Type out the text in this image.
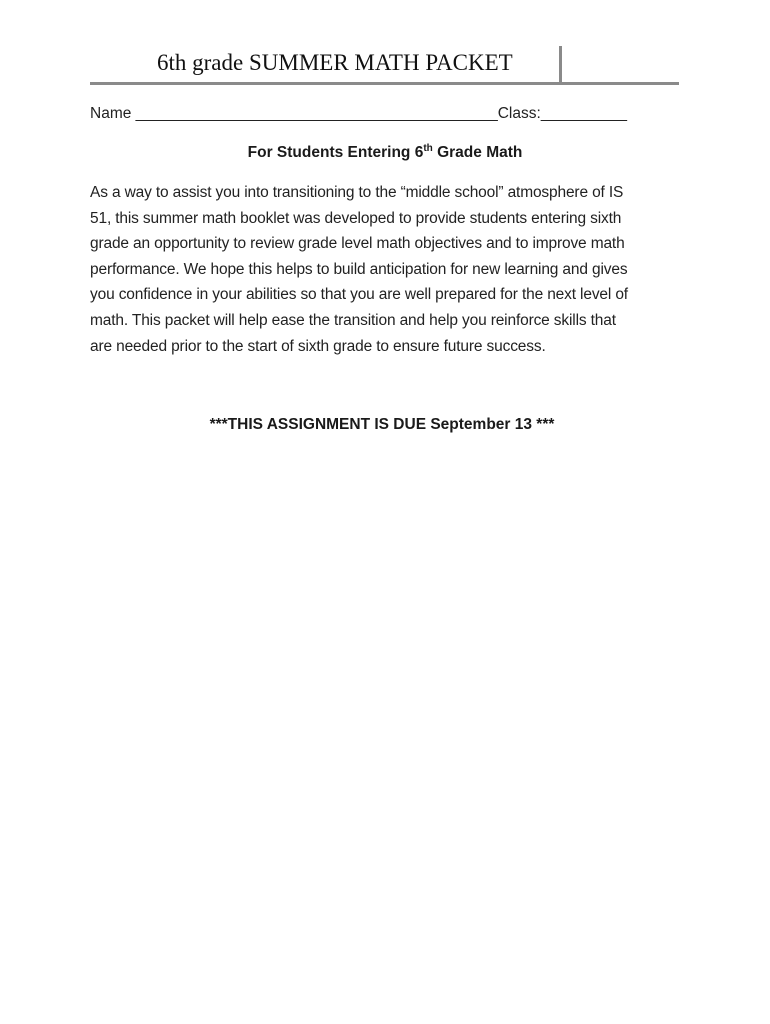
6th grade SUMMER MATH PACKET
Name __________________________________________Class:__________
For Students Entering 6th Grade Math

As a way to assist you into transitioning to the “middle school” atmosphere of IS
51, this summer math booklet was developed to provide students entering sixth
grade an opportunity to review grade level math objectives and to improve math
performance. We hope this helps to build anticipation for new learning and gives
you confidence in your abilities so that you are well prepared for the next level of
math. This packet will help ease the transition and help you reinforce skills that
are needed prior to the start of sixth grade to ensure future success.

***THIS ASSIGNMENT IS DUE September 13 ***
